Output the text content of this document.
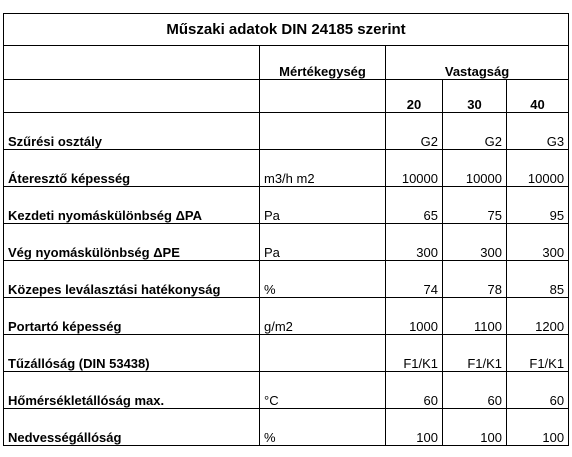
Műszaki adatok DIN 24185 szerint				
	Mértékegység	Vastagság		
		20	30	40
Szűrési osztály		G2	G2	G3
Áteresztő képesség	m3/h m2	10000	10000	10000
Kezdeti nyomáskülönbség ΔPA	Pa	65	75	95
Vég nyomáskülönbség ΔPE	Pa	300	300	300
Közepes leválasztási hatékonyság	%	74	78	85
Portartó képesség	g/m2	1000	1100	1200
Tűzállóság (DIN 53438)		F1/K1	F1/K1	F1/K1
Hőmérsékletállóság max.	°C	60	60	60
Nedvességállóság	%	100	100	100
